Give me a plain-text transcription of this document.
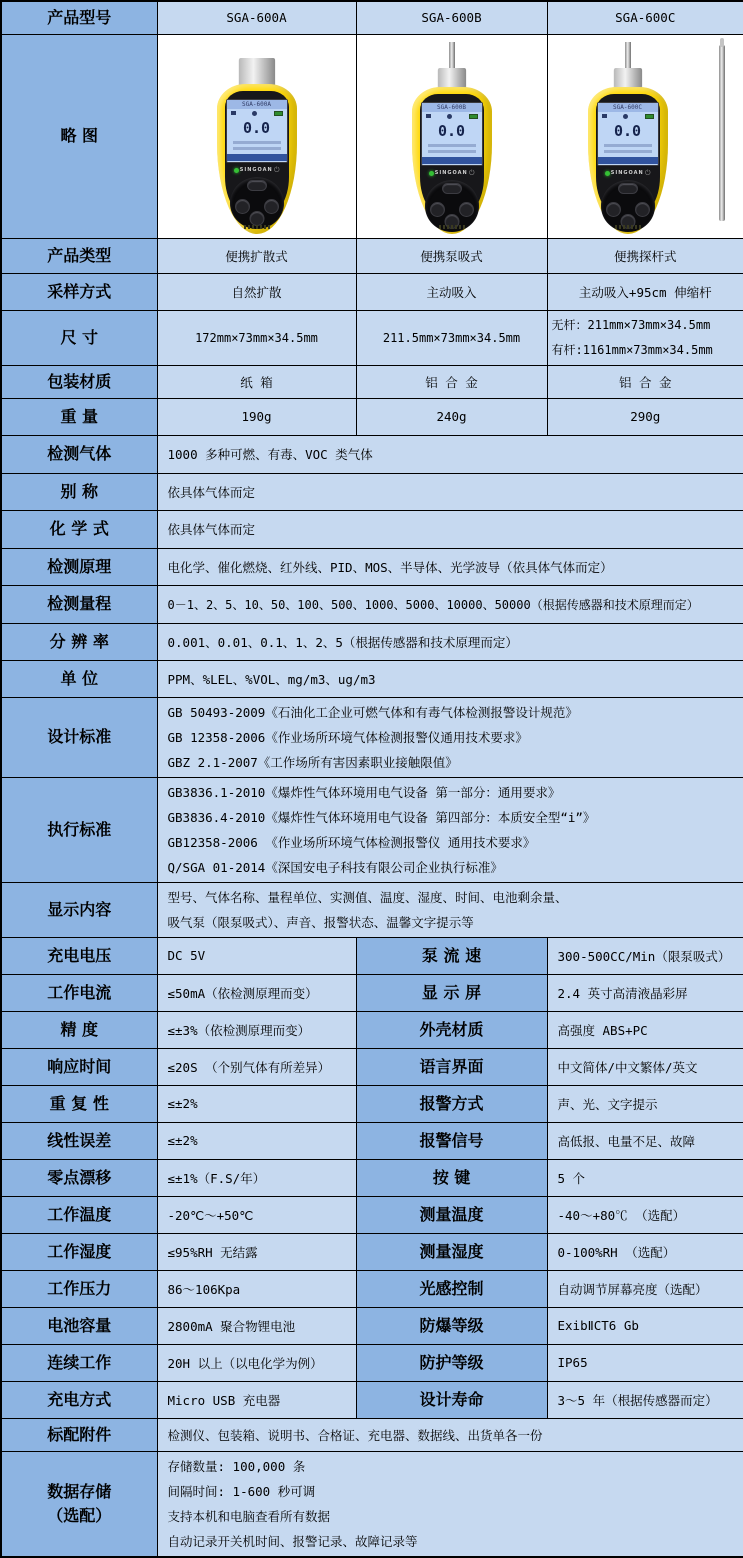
产品型号	SGA-600A	SGA-600B	SGA-600C
略 图	
SGA-600A
0.0
SINGOAN ⏻

SGA-600B
0.0
SINGOAN ⏻

SGA-600C
0.0
SINGOAN ⏻

产品类型	便携扩散式	便携泵吸式	便携探杆式
采样方式	自然扩散	主动吸入	主动吸入+95cm 伸缩杆
尺 寸	172mm×73mm×34.5mm	211.5mm×73mm×34.5mm	无杆：211mm×73mm×34.5mm
有杆:1161mm×73mm×34.5mm

包装材质	纸 箱	铝 合 金	铝 合 金
重 量	190g	240g	290g
检测气体	1000 多种可燃、有毒、VOC 类气体		
别 称	依具体气体而定		
化 学 式	依具体气体而定		
检测原理	电化学、催化燃烧、红外线、PID、MOS、半导体、光学波导（依具体气体而定）		
检测量程	0－1、2、5、10、50、100、500、1000、5000、10000、50000（根据传感器和技术原理而定）		
分 辨 率	0.001、0.01、0.1、1、2、5（根据传感器和技术原理而定）		
单 位	PPM、%LEL、%VOL、mg/m3、ug/m3		
设计标准	GB 50493-2009《石油化工企业可燃气体和有毒气体检测报警设计规范》
GB 12358-2006《作业场所环境气体检测报警仪通用技术要求》
GBZ 2.1-2007《工作场所有害因素职业接触限值》		

执行标准	GB3836.1-2010《爆炸性气体环境用电气设备 第一部分：通用要求》
GB3836.4-2010《爆炸性气体环境用电气设备 第四部分：本质安全型“i”》
GB12358-2006 《作业场所环境气体检测报警仪 通用技术要求》
Q/SGA 01-2014《深国安电子科技有限公司企业执行标准》		

显示内容	型号、气体名称、量程单位、实测值、温度、湿度、时间、电池剩余量、
吸气泵（限泵吸式）、声音、报警状态、温馨文字提示等		

充电电压	DC 5V	泵 流 速	300-500CC/Min（限泵吸式）
工作电流	≤50mA（依检测原理而变）	显 示 屏	2.4 英寸高清液晶彩屏
精 度	≤±3%（依检测原理而变）	外壳材质	高强度 ABS+PC
响应时间	≤20S （个别气体有所差异）	语言界面	中文简体/中文繁体/英文
重 复 性	≤±2%	报警方式	声、光、文字提示
线性误差	≤±2%	报警信号	高低报、电量不足、故障
零点漂移	≤±1%（F.S/年）	按 键	5 个
工作温度	-20℃～+50℃	测量温度	-40～+80℃ （选配）
工作湿度	≤95%RH 无结露	测量湿度	0-100%RH （选配）
工作压力	86～106Kpa	光感控制	自动调节屏幕亮度（选配）
电池容量	2800mA 聚合物锂电池	防爆等级	ExibⅡCT6 Gb
连续工作	20H 以上（以电化学为例）	防护等级	IP65
充电方式	Micro USB 充电器	设计寿命	3～5 年（根据传感器而定）
标配附件	检测仪、包装箱、说明书、合格证、充电器、数据线、出货单各一份		

数据存储
（选配）

存储数量: 100,000 条
间隔时间: 1-600 秒可调
支持本机和电脑查看所有数据
自动记录开关机时间、报警记录、故障记录等
